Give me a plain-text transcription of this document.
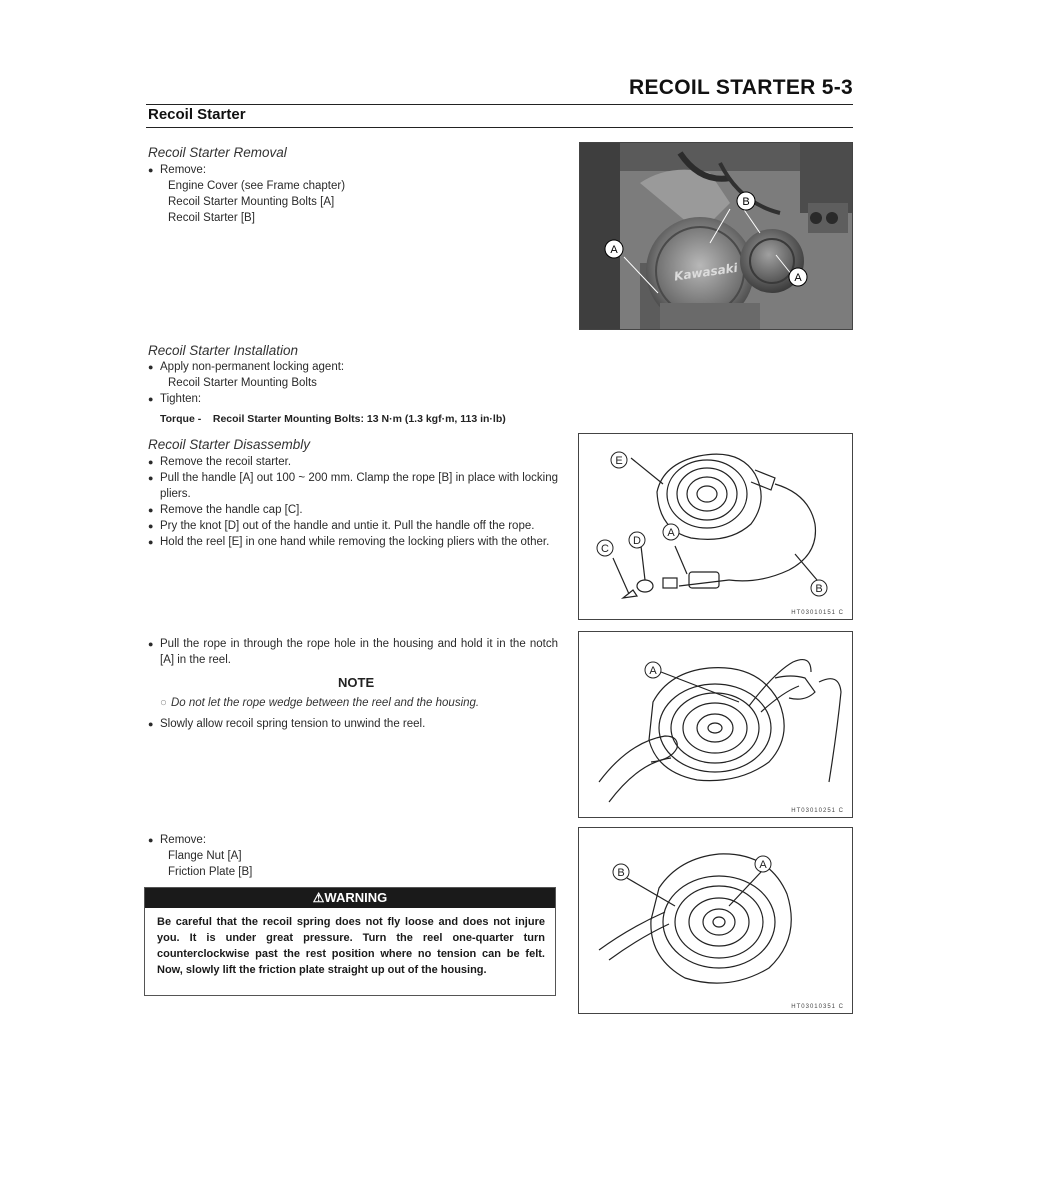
RECOIL STARTER 5-3
Recoil Starter
Recoil Starter Removal
● Remove:
Engine Cover (see Frame chapter)
Recoil Starter Mounting Bolts [A]
Recoil Starter [B]
Kawasaki
A
B
A
Recoil Starter Installation
● Apply non-permanent locking agent:
Recoil Starter Mounting Bolts
● Tighten:
Torque -    Recoil Starter Mounting Bolts: 13 N·m (1.3 kgf·m, 113 in·lb)
Recoil Starter Disassembly
● Remove the recoil starter.
● Pull the handle [A] out 100 ~ 200 mm. Clamp the rope [B] in place with locking pliers.
● Remove the handle cap [C].
● Pry the knot [D] out of the handle and untie it. Pull the handle off the rope.
● Hold the reel [E] in one hand while removing the locking pliers with the other.
E
A
D
C
B
HT03010151 C
● Pull the rope in through the rope hole in the housing and hold it in the notch [A] in the reel.
NOTE
○ Do not let the rope wedge between the reel and the housing.
● Slowly allow recoil spring tension to unwind the reel.
A
HT03010251 C
● Remove:
Flange Nut [A]
Friction Plate [B]
⚠WARNING
Be careful that the recoil spring does not fly loose and does not injure you. It is under great pressure. Turn the reel one-quarter turn counterclockwise past the rest position where no tension can be felt. Now, slowly lift the friction plate straight up out of the housing.
B
A
HT03010351 C
